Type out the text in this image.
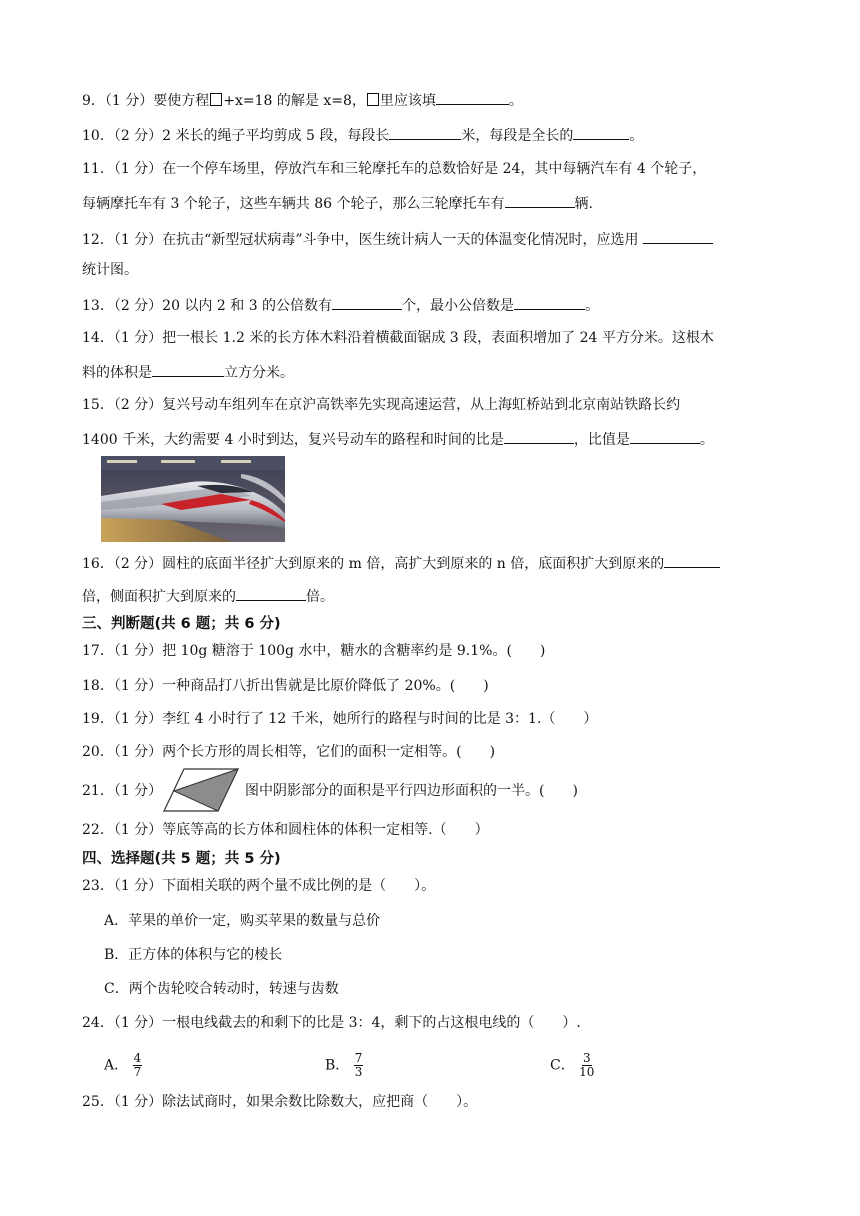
9．（1 分）要使方程 +x=18 的解是 x=8， 里应该填	。
10．（2 分）2 米长的绳子平均剪成 5 段，每段长	米，每段是全长的	。
11．（1 分）在一个停车场里，停放汽车和三轮摩托车的总数恰好是 24，其中每辆汽车有 4 个轮子，
每辆摩托车有 3 个轮子，这些车辆共 86 个轮子，那么三轮摩托车有	辆.
12．（1 分）在抗击“新型冠状病毒”斗争中，医生统计病人一天的体温变化情况时，应选用
统计图。
13．（2 分）20 以内 2 和 3 的公倍数有	个，最小公倍数是	。
14．（1 分）把一根长 1.2 米的长方体木料沿着横截面锯成 3 段，表面积增加了 24 平方分米。这根木
料的体积是	立方分米。
15．（2 分）复兴号动车组列车在京沪高铁率先实现高速运营，从上海虹桥站到北京南站铁路长约
1400 千米，大约需要 4 小时到达，复兴号动车的路程和时间的比是	，比值是	。
16．（2 分）圆柱的底面半径扩大到原来的 m 倍，高扩大到原来的 n 倍，底面积扩大到原来的
倍，侧面积扩大到原来的	倍。
三、判断题(共 6 题；共 6 分)
17．（1 分）把 10g 糖溶于 100g 水中，糖水的含糖率约是 9.1%。(　　)
18．（1 分）一种商品打八折出售就是比原价降低了 20%。(　　)
19．（1 分）李红 4 小时行了 12 千米，她所行的路程与时间的比是 3：1.（　　）
20．（1 分）两个长方形的周长相等，它们的面积一定相等。(　　)
21．（1 分）	图中阴影部分的面积是平行四边形面积的一半。(　　)
22．（1 分）等底等高的长方体和圆柱体的体积一定相等.（　　）
四、选择题(共 5 题；共 5 分)
23．（1 分）下面相关联的两个量不成比例的是（　　）。
A．苹果的单价一定，购买苹果的数量与总价
B．正方体的体积与它的棱长
C．两个齿轮咬合转动时，转速与齿数
24．（1 分）一根电线截去的和剩下的比是 3：4，剩下的占这根电线的（　　）.
A． $\frac{4}{7}$	B． $\frac{7}{3}$	C． $\frac{3}{10}$
25．（1 分）除法试商时，如果余数比除数大，应把商（　　）。
